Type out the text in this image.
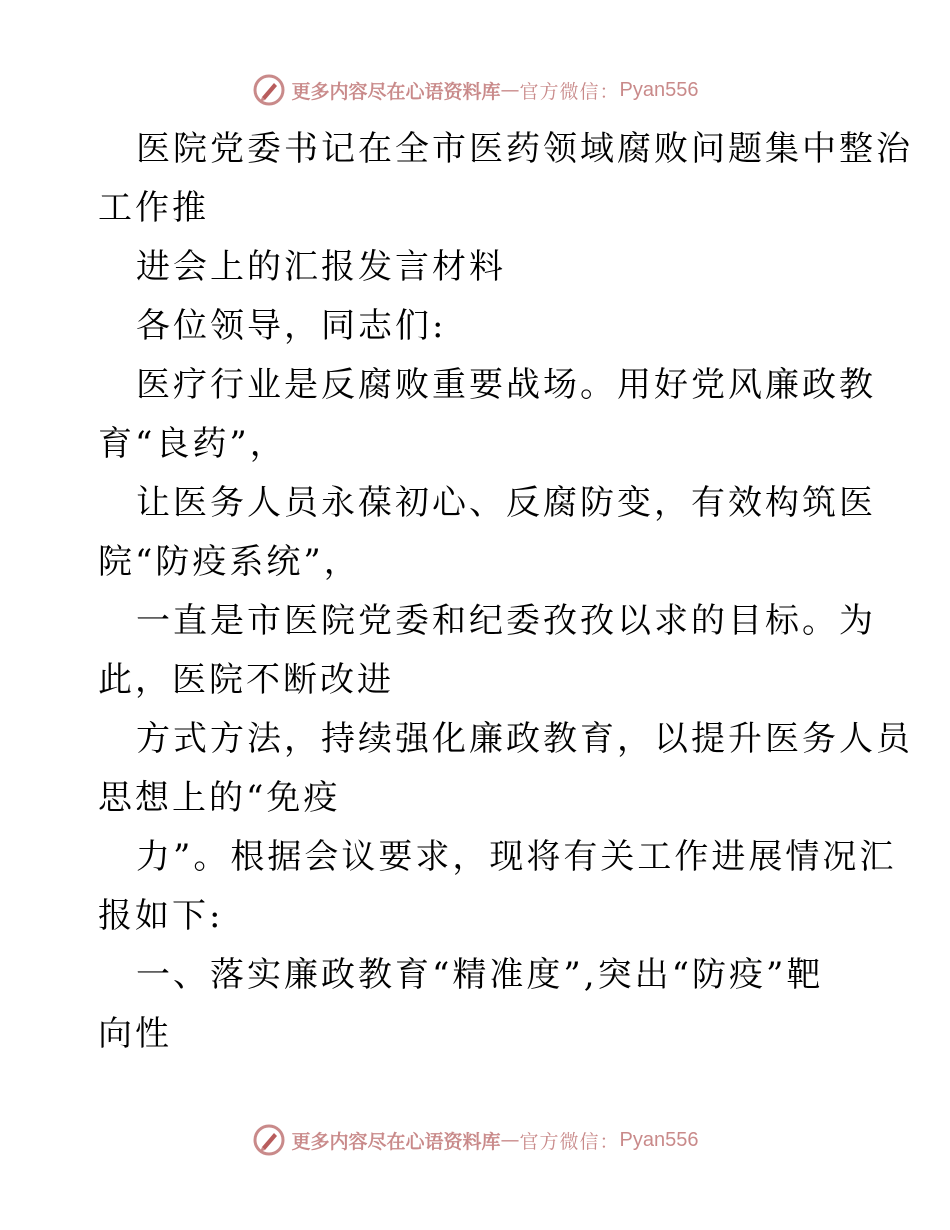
更多内容尽在心语资料库 — 官方微信： Pyan556
医院党委书记在全市医药领域腐败问题集中整治
工作推
进会上的汇报发言材料
各位领导，同志们:
医疗行业是反腐败重要战场。用好党风廉政教
育“良药”，
让医务人员永葆初心、反腐防变，有效构筑医
院“防疫系统”，
一直是市医院党委和纪委孜孜以求的目标。为
此，医院不断改进
方式方法，持续强化廉政教育，以提升医务人员
思想上的“免疫
力”。根据会议要求，现将有关工作进展情况汇
报如下:
一、落实廉政教育“精准度”,突出“防疫”靶
向性
更多内容尽在心语资料库 — 官方微信： Pyan556
